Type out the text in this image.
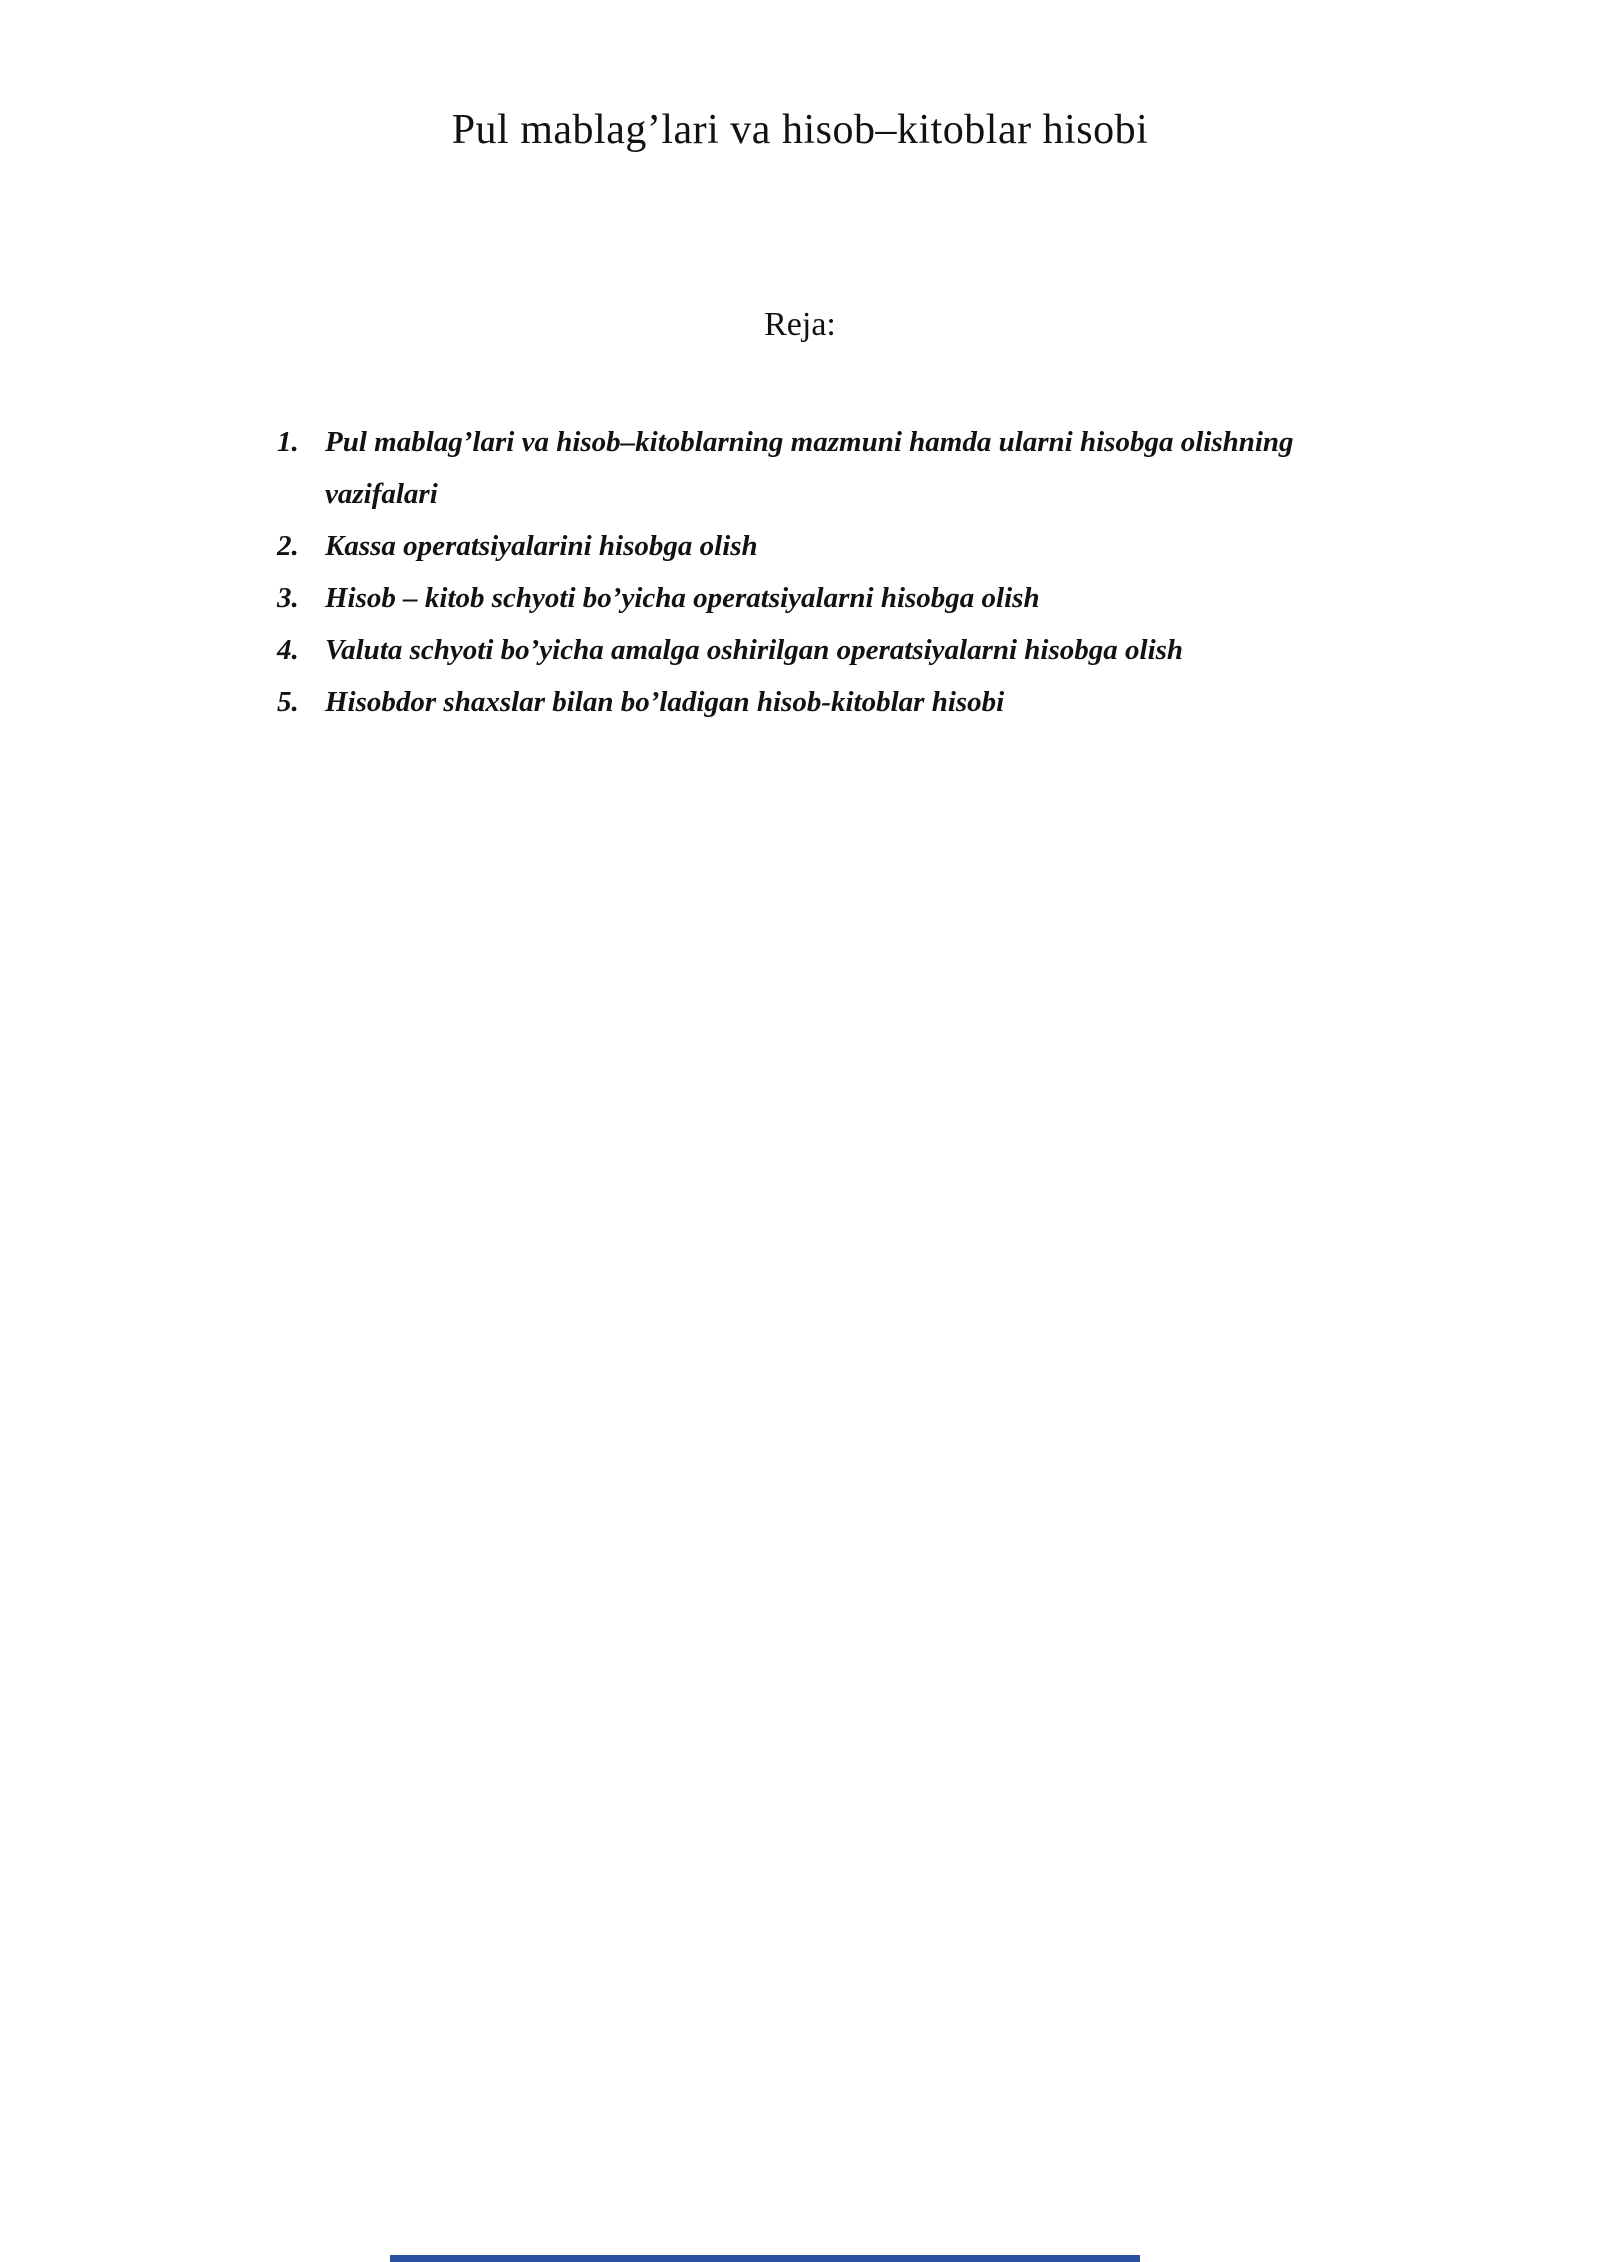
Pul mablag’lari va hisob–kitoblar hisobi
Reja:
1. Pul mablag’lari va hisob–kitoblarning mazmuni hamda ularni hisobga olishning vazifalari
2. Kassa operatsiyalarini hisobga olish
3. Hisob – kitob schyoti bo’yicha operatsiyalarni hisobga olish
4. Valuta schyoti bo’yicha amalga oshirilgan operatsiyalarni hisobga olish
5. Hisobdor shaxslar bilan bo’ladigan hisob-kitoblar hisobi
